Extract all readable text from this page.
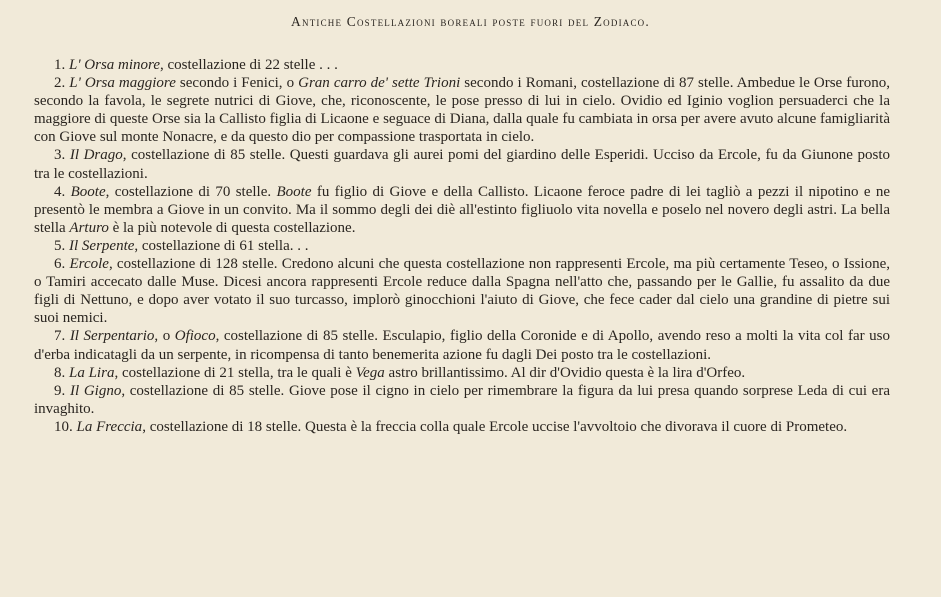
Antiche Costellazioni boreali poste fuori del Zodiaco.

1. L' Orsa minore, costellazione di 22 stelle . . .

2. L' Orsa maggiore secondo i Fenici, o Gran carro de' sette Trioni secondo i Romani, costellazione di 87 stelle. Ambedue le Orse furono, secondo la favola, le segrete nutrici di Giove, che, riconoscente, le pose presso di lui in cielo. Ovidio ed Iginio voglion persuaderci che la maggiore di queste Orse sia la Callisto figlia di Licaone e seguace di Diana, dalla quale fu cambiata in orsa per avere avuto alcune famigliarità con Giove sul monte Nonacre, e da questo dio per compassione trasportata in cielo.

3. Il Drago, costellazione di 85 stelle. Questi guardava gli aurei pomi del giardino delle Esperidi. Ucciso da Ercole, fu da Giunone posto tra le costellazioni.

4. Boote, costellazione di 70 stelle. Boote fu figlio di Giove e della Callisto. Licaone feroce padre di lei tagliò a pezzi il nipotino e ne presentò le membra a Giove in un convito. Ma il sommo degli dei diè all'estinto figliuolo vita novella e poselo nel novero degli astri. La bella stella Arturo è la più notevole di questa costellazione.

5. Il Serpente, costellazione di 61 stella. . .

6. Ercole, costellazione di 128 stelle. Credono alcuni che questa costellazione non rappresenti Ercole, ma più certamente Teseo, o Issione, o Tamiri accecato dalle Muse. Dicesi ancora rappresenti Ercole reduce dalla Spagna nell'atto che, passando per le Gallie, fu assalito da due figli di Nettuno, e dopo aver votato il suo turcasso, implorò ginocchioni l'aiuto di Giove, che fece cader dal cielo una grandine di pietre sui suoi nemici.

7. Il Serpentario, o Ofioco, costellazione di 85 stelle. Esculapio, figlio della Coronide e di Apollo, avendo reso a molti la vita col far uso d'erba indicatagli da un serpente, in ricompensa di tanto benemerita azione fu dagli Dei posto tra le costellazioni.

8. La Lira, costellazione di 21 stella, tra le quali è Vega astro brillantissimo. Al dir d'Ovidio questa è la lira d'Orfeo.

9. Il Gigno, costellazione di 85 stelle. Giove pose il cigno in cielo per rimembrare la figura da lui presa quando sorprese Leda di cui era invaghito.

10. La Freccia, costellazione di 18 stelle. Questa è la freccia colla quale Ercole uccise l'avvoltoio che divorava il cuore di Prometeo.
